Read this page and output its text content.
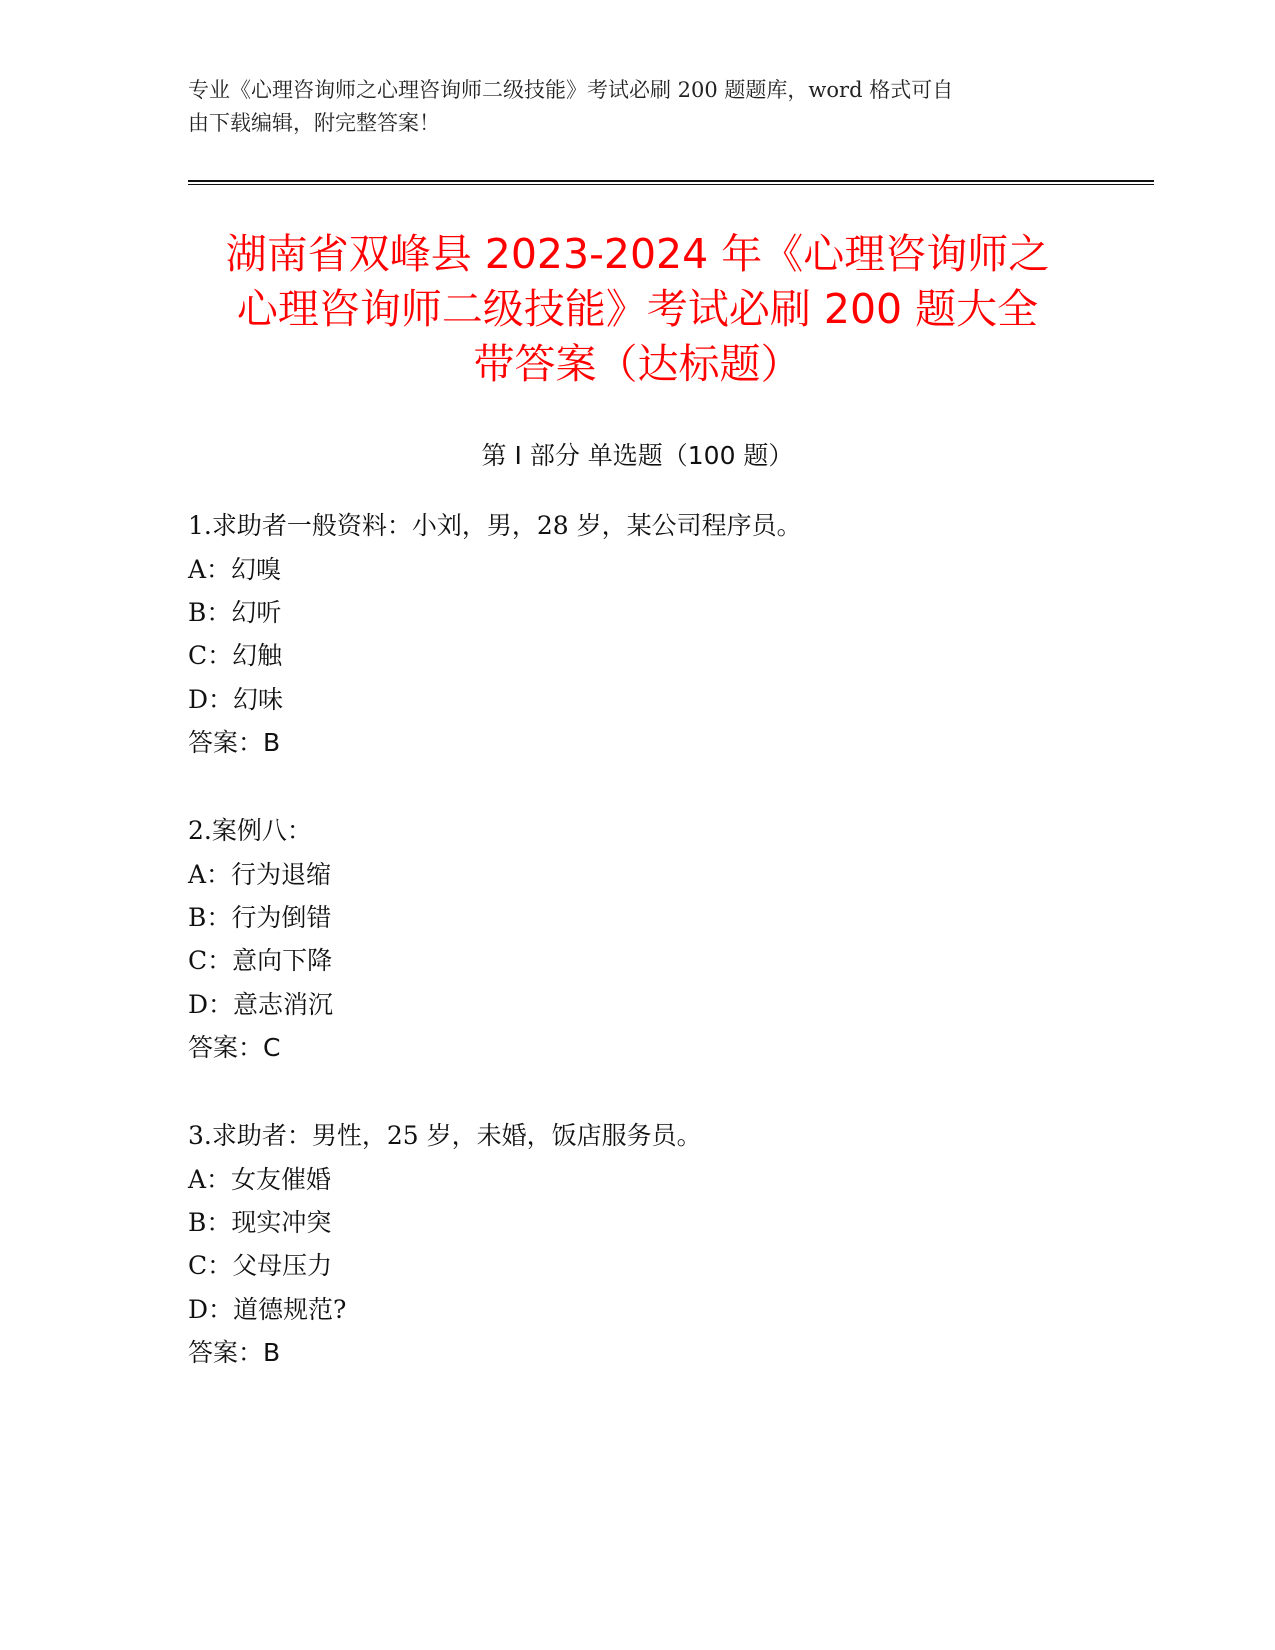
专业《心理咨询师之心理咨询师二级技能》考试必刷 200 题题库，word 格式可自
由下载编辑，附完整答案！
湖南省双峰县 2023-2024 年《心理咨询师之
心理咨询师二级技能》考试必刷 200 题大全
带答案（达标题）
第 I 部分 单选题（100 题）
1.求助者一般资料：小刘，男，28 岁，某公司程序员。
A：幻嗅
B：幻听
C：幻触
D：幻味
答案：B
2.案例八：
A：行为退缩
B：行为倒错
C：意向下降
D：意志消沉
答案：C
3.求助者：男性，25 岁，未婚，饭店服务员。
A：女友催婚
B：现实冲突
C：父母压力
D：道德规范?
答案：B
